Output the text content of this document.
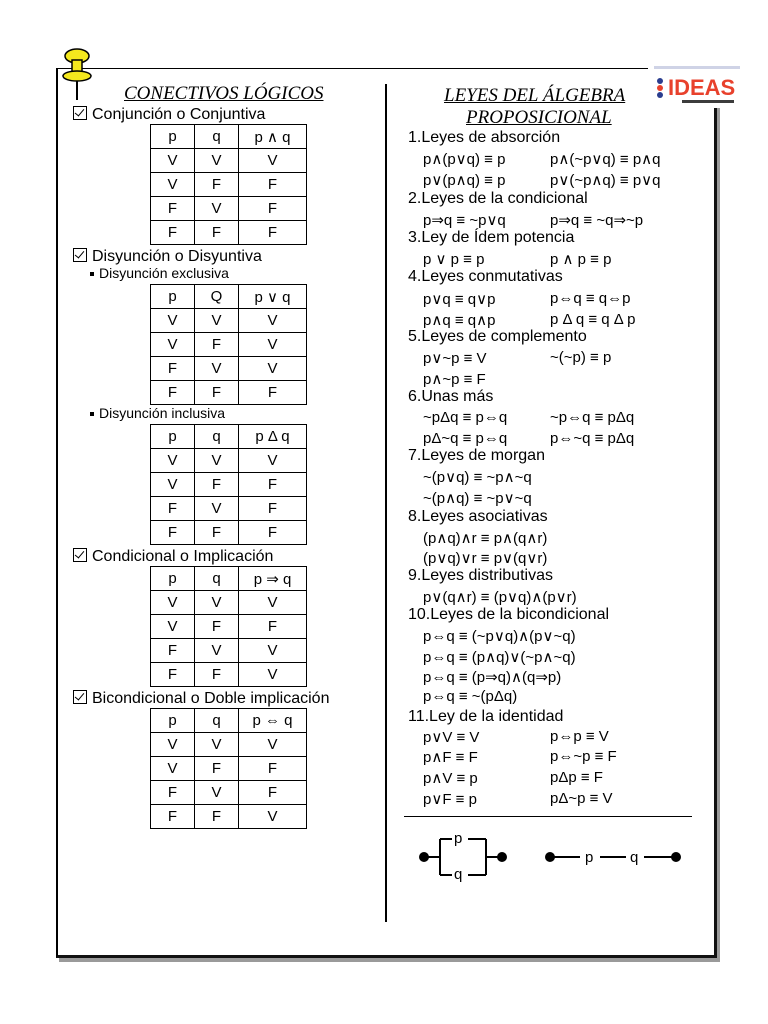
IDEAS
CONECTIVOS LÓGICOS
Conjunción o Conjuntiva
p	q	p ∧ q
V	V	V
V	F	F
F	V	F
F	F	F
Disyunción o Disyuntiva
Disyunción exclusiva
p	Q	p ∨ q
V	V	V
V	F	V
F	V	V
F	F	F
Disyunción inclusiva
p	q	p Δ q
V	V	V
V	F	F
F	V	F
F	F	F
Condicional o Implicación
p	q	p ⇒ q
V	V	V
V	F	F
F	V	V
F	F	V
Bicondicional o Doble implicación
p	q	p ⇔ q
V	V	V
V	F	F
F	V	F
F	F	V
LEYES DEL ÁLGEBRA
PROPOSICIONAL
1.Leyes de absorción
p∧(p∨q) ≡ p	p∧(~p∨q) ≡ p∧q
p∨(p∧q) ≡ p	p∨(~p∧q) ≡ p∨q
2.Leyes de la condicional
p⇒q ≡ ~p∨q	p⇒q ≡ ~q⇒~p
3.Ley de Ídem potencia
p ∨ p ≡ p	p ∧ p ≡ p
4.Leyes conmutativas
p∨q ≡ q∨p	p⇔q ≡ q⇔p
p∧q ≡ q∧p	p Δ q ≡ q Δ p
5.Leyes de complemento
p∨~p ≡ V	~(~p) ≡ p
p∧~p ≡ F
6.Unas más
~pΔq ≡ p⇔q	~p⇔q ≡ pΔq
pΔ~q ≡ p⇔q	p⇔~q ≡ pΔq
7.Leyes de morgan
~(p∨q) ≡ ~p∧~q
~(p∧q) ≡ ~p∨~q
8.Leyes asociativas
(p∧q)∧r ≡ p∧(q∧r)
(p∨q)∨r ≡ p∨(q∨r)
9.Leyes distributivas
p∨(q∧r) ≡ (p∨q)∧(p∨r)
10.Leyes de la bicondicional
p⇔q ≡ (~p∨q)∧(p∨~q)
p⇔q ≡ (p∧q)∨(~p∧~q)
p⇔q ≡ (p⇒q)∧(q⇒p)
p⇔q ≡ ~(pΔq)
11.Ley de la identidad
p∨V ≡ V	p⇔p ≡ V
p∧F ≡ F	p⇔~p ≡ F
p∧V ≡ p	pΔp ≡ F
p∨F ≡ p	pΔ~p ≡ V
p
q
p q
